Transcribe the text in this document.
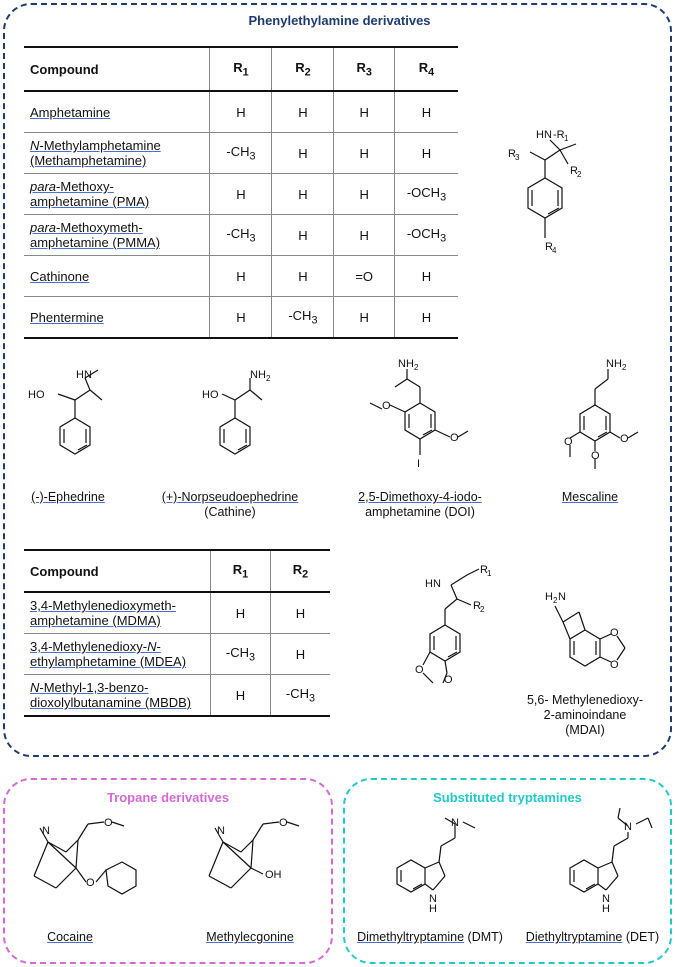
Phenylethylamine derivatives
Compound	$R_1$	$R_2$	$R_3$	$R_4$
Amphetamine	H	H	H	H
N-Methylamphetamine
(Methamphetamine)	$-CH_3$	H	H	H
para-Methoxy-
amphetamine (PMA)	H	H	H	$-OCH_3$
para-Methoxymeth-
amphetamine (PMMA)	$-CH_3$	H	H	$-OCH_3$
Cathinone	H	H	=O	H
Phentermine	H	$-CH_3$	H	H
HN -R 1
R 3
R 2
R 4
HO
HN
(-)-Ephedrine
HO
NH 2
(+)-Norpseudoephedrine
(Cathine)
NH 2
O
O
I
2,5-Dimethoxy-4-iodo-
amphetamine (DOI)
NH 2
O
O
O
Mescaline
Compound	$R_1$	$R_2$
3,4-Methylenedioxymeth-
amphetamine (MDMA)	H	H
3,4-Methylenedioxy-N-
ethylamphetamine (MDEA)	$-CH_3$	H
N-Methyl-1,3-benzo-
dioxolylbutanamine (MBDB)	H	$-CH_3$
HN
R 1
R 2
O
O
H 2 N
O
O
5,6- Methylenedioxy-
2-aminoindane
(MDAI)
Tropane derivatives
N
O
O
Cocaine
N
O
OH
Methylecgonine
Substituted tryptamines
N
N
H
Dimethyltryptamine (DMT)
N
N
H
Diethyltryptamine (DET)
